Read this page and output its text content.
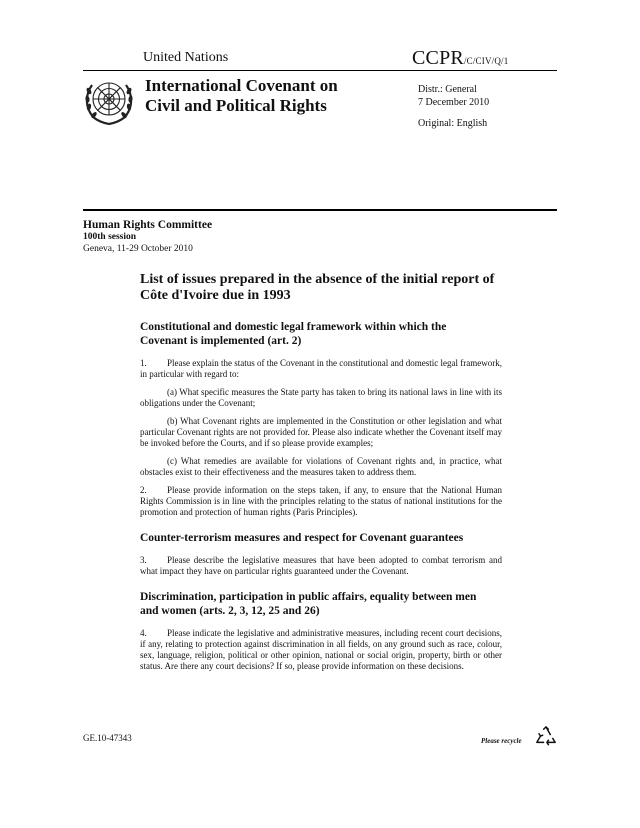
United Nations	CCPR/C/CIV/Q/1
International Covenant on
Civil and Political Rights
Distr.: General
7 December 2010
Original: English
Human Rights Committee
100th session
Geneva, 11-29 October 2010
List of issues prepared in the absence of the initial report of
Côte d'Ivoire due in 1993
Constitutional and domestic legal framework within which the
Covenant is implemented (art. 2)

1. Please explain the status of the Covenant in the constitutional and domestic legal framework, in particular with regard to:

(a) What specific measures the State party has taken to bring its national laws in line with its obligations under the Covenant;

(b) What Covenant rights are implemented in the Constitution or other legislation and what particular Covenant rights are not provided for. Please also indicate whether the Covenant itself may be invoked before the Courts, and if so please provide examples;

(c) What remedies are available for violations of Covenant rights and, in practice, what obstacles exist to their effectiveness and the measures taken to address them.

2. Please provide information on the steps taken, if any, to ensure that the National Human Rights Commission is in line with the principles relating to the status of national institutions for the promotion and protection of human rights (Paris Principles).

Counter-terrorism measures and respect for Covenant guarantees

3. Please describe the legislative measures that have been adopted to combat terrorism and what impact they have on particular rights guaranteed under the Covenant.

Discrimination, participation in public affairs, equality between men
and women (arts. 2, 3, 12, 25 and 26)

4. Please indicate the legislative and administrative measures, including recent court decisions, if any, relating to protection against discrimination in all fields, on any ground such as race, colour, sex, language, religion, political or other opinion, national or social origin, property, birth or other status. Are there any court decisions? If so, please provide information on these decisions.

GE.10-47343	Please recycle
